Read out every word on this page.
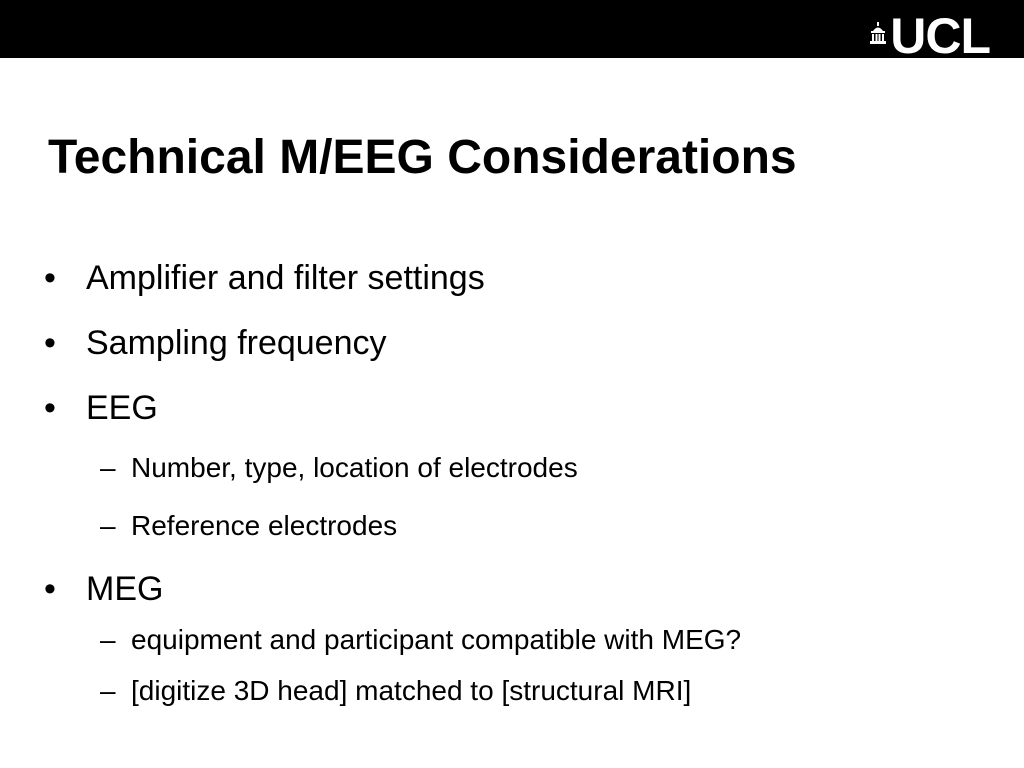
UCL
Technical M/EEG Considerations
• Amplifier and filter settings
• Sampling frequency
• EEG
– Number, type, location of electrodes
– Reference electrodes
• MEG
– equipment and participant compatible with MEG?
– [digitize 3D head] matched to [structural MRI]
